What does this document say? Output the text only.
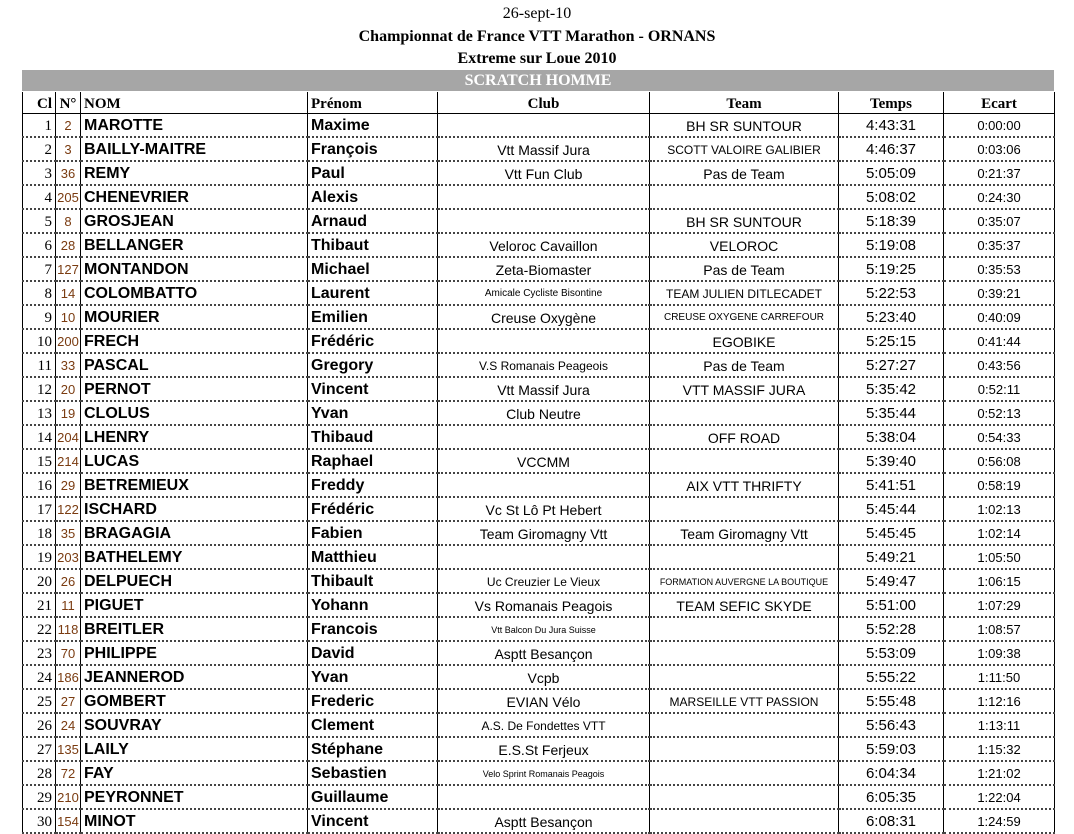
26-sept-10
Championnat de France VTT Marathon - ORNANS
Extreme sur Loue 2010
SCRATCH HOMME
Cl	N°	NOM	Prénom	Club	Team	Temps	Ecart
1	2	MAROTTE	Maxime		BH SR SUNTOUR	4:43:31	0:00:00
2	3	BAILLY-MAITRE	François	Vtt Massif Jura	SCOTT VALOIRE GALIBIER	4:46:37	0:03:06
3	36	REMY	Paul	Vtt Fun Club	Pas de Team	5:05:09	0:21:37
4	205	CHENEVRIER	Alexis			5:08:02	0:24:30
5	8	GROSJEAN	Arnaud		BH SR SUNTOUR	5:18:39	0:35:07
6	28	BELLANGER	Thibaut	Veloroc Cavaillon	VELOROC	5:19:08	0:35:37
7	127	MONTANDON	Michael	Zeta-Biomaster	Pas de Team	5:19:25	0:35:53
8	14	COLOMBATTO	Laurent	Amicale Cycliste Bisontine	TEAM JULIEN DITLECADET	5:22:53	0:39:21
9	10	MOURIER	Emilien	Creuse Oxygène	CREUSE OXYGENE CARREFOUR	5:23:40	0:40:09
10	200	FRECH	Frédéric		EGOBIKE	5:25:15	0:41:44
11	33	PASCAL	Gregory	V.S Romanais Peageois	Pas de Team	5:27:27	0:43:56
12	20	PERNOT	Vincent	Vtt Massif Jura	VTT MASSIF JURA	5:35:42	0:52:11
13	19	CLOLUS	Yvan	Club Neutre		5:35:44	0:52:13
14	204	LHENRY	Thibaud		OFF ROAD	5:38:04	0:54:33
15	214	LUCAS	Raphael	VCCMM		5:39:40	0:56:08
16	29	BETREMIEUX	Freddy		AIX VTT THRIFTY	5:41:51	0:58:19
17	122	ISCHARD	Frédéric	Vc St Lô Pt Hebert		5:45:44	1:02:13
18	35	BRAGAGIA	Fabien	Team Giromagny Vtt	Team Giromagny Vtt	5:45:45	1:02:14
19	203	BATHELEMY	Matthieu			5:49:21	1:05:50
20	26	DELPUECH	Thibault	Uc Creuzier Le Vieux	FORMATION AUVERGNE LA BOUTIQUE	5:49:47	1:06:15
21	11	PIGUET	Yohann	Vs Romanais Peagois	TEAM SEFIC SKYDE	5:51:00	1:07:29
22	118	BREITLER	Francois	Vtt Balcon Du Jura Suisse		5:52:28	1:08:57
23	70	PHILIPPE	David	Asptt Besançon		5:53:09	1:09:38
24	186	JEANNEROD	Yvan	Vcpb		5:55:22	1:11:50
25	27	GOMBERT	Frederic	EVIAN Vélo	MARSEILLE VTT PASSION	5:55:48	1:12:16
26	24	SOUVRAY	Clement	A.S. De Fondettes VTT		5:56:43	1:13:11
27	135	LAILY	Stéphane	E.S.St Ferjeux		5:59:03	1:15:32
28	72	FAY	Sebastien	Velo Sprint Romanais Peagois		6:04:34	1:21:02
29	210	PEYRONNET	Guillaume			6:05:35	1:22:04
30	154	MINOT	Vincent	Asptt Besançon		6:08:31	1:24:59
